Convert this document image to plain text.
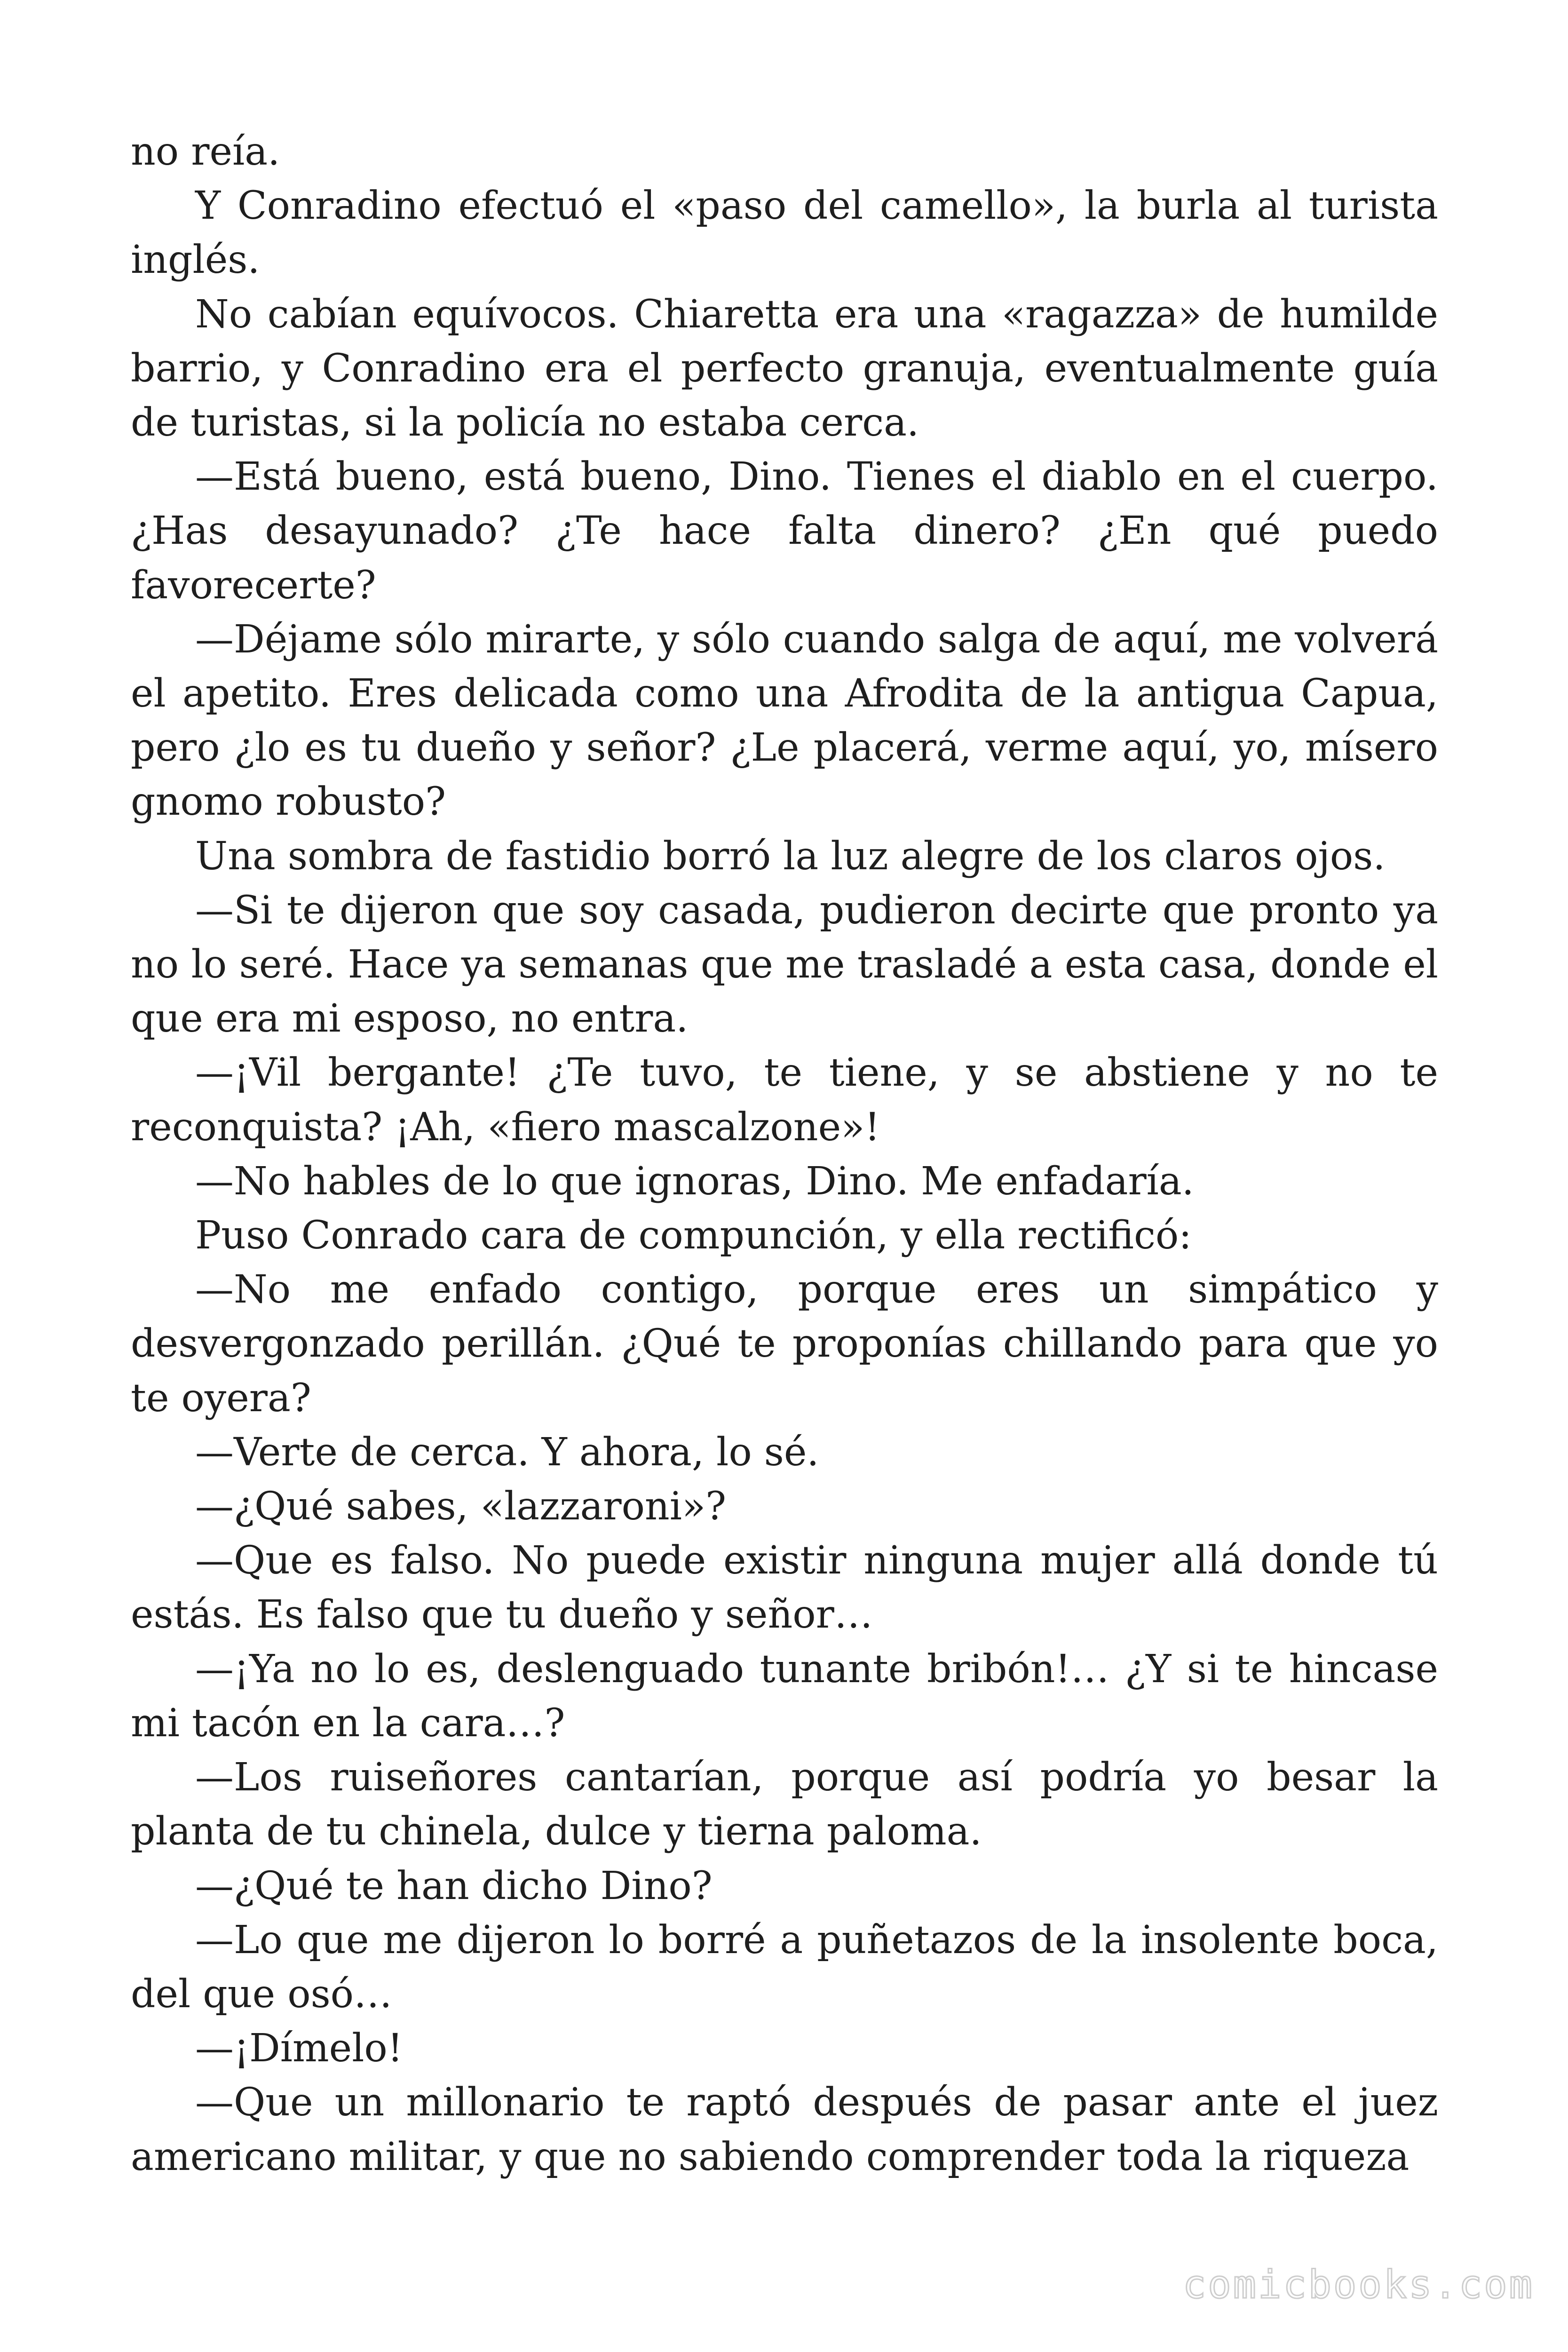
no reía.

Y Conradino efectuó el «paso del camello», la burla al turista inglés.

No cabían equívocos. Chiaretta era una «ragazza» de humilde barrio, y Conradino era el perfecto granuja, eventualmente guía de turistas, si la policía no estaba cerca.

—Está bueno, está bueno, Dino. Tienes el diablo en el cuerpo. ¿Has desayunado? ¿Te hace falta dinero? ¿En qué puedo favorecerte?

—Déjame sólo mirarte, y sólo cuando salga de aquí, me volverá el apetito. Eres delicada como una Afrodita de la antigua Capua, pero ¿lo es tu dueño y señor? ¿Le placerá, verme aquí, yo, mísero gnomo robusto?

Una sombra de fastidio borró la luz alegre de los claros ojos.

—Si te dijeron que soy casada, pudieron decirte que pronto ya no lo seré. Hace ya semanas que me trasladé a esta casa, donde el que era mi esposo, no entra.

—¡Vil bergante! ¿Te tuvo, te tiene, y se abstiene y no te reconquista? ¡Ah, «fiero mascalzone»!

—No hables de lo que ignoras, Dino. Me enfadaría.

Puso Conrado cara de compunción, y ella rectificó:

—No me enfado contigo, porque eres un simpático y desvergonzado perillán. ¿Qué te proponías chillando para que yo te oyera?

—Verte de cerca. Y ahora, lo sé.

—¿Qué sabes, «lazzaroni»?

—Que es falso. No puede existir ninguna mujer allá donde tú estás. Es falso que tu dueño y señor…

—¡Ya no lo es, deslenguado tunante bribón!… ¿Y si te hincase mi tacón en la cara…?

—Los ruiseñores cantarían, porque así podría yo besar la planta de tu chinela, dulce y tierna paloma.

—¿Qué te han dicho Dino?

—Lo que me dijeron lo borré a puñetazos de la insolente boca, del que osó…

—¡Dímelo!

—Que un millonario te raptó después de pasar ante el juez americano militar, y que no sabiendo comprender toda la riqueza

comicbooks.com
